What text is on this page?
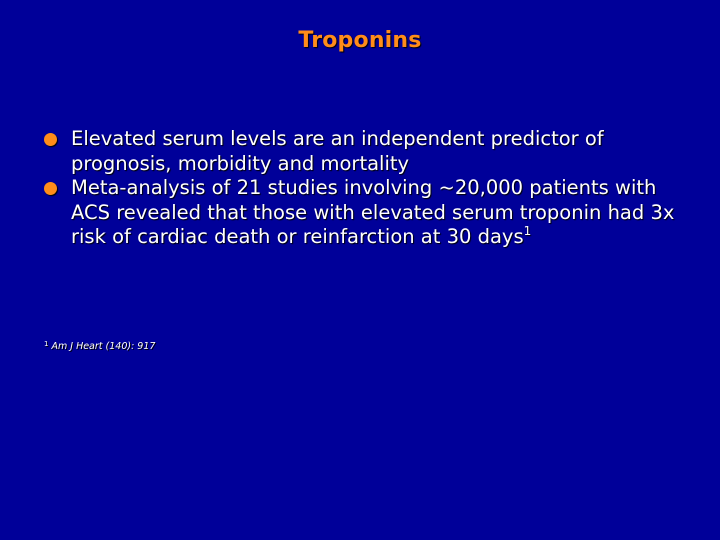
Troponins
Elevated serum levels are an independent predictor of prognosis, morbidity and mortality
Meta-analysis of 21 studies involving ~20,000 patients with ACS revealed that those with elevated serum troponin had 3x risk of cardiac death or reinfarction at 30 days$^1$
$^1$ Am J Heart (140): 917
